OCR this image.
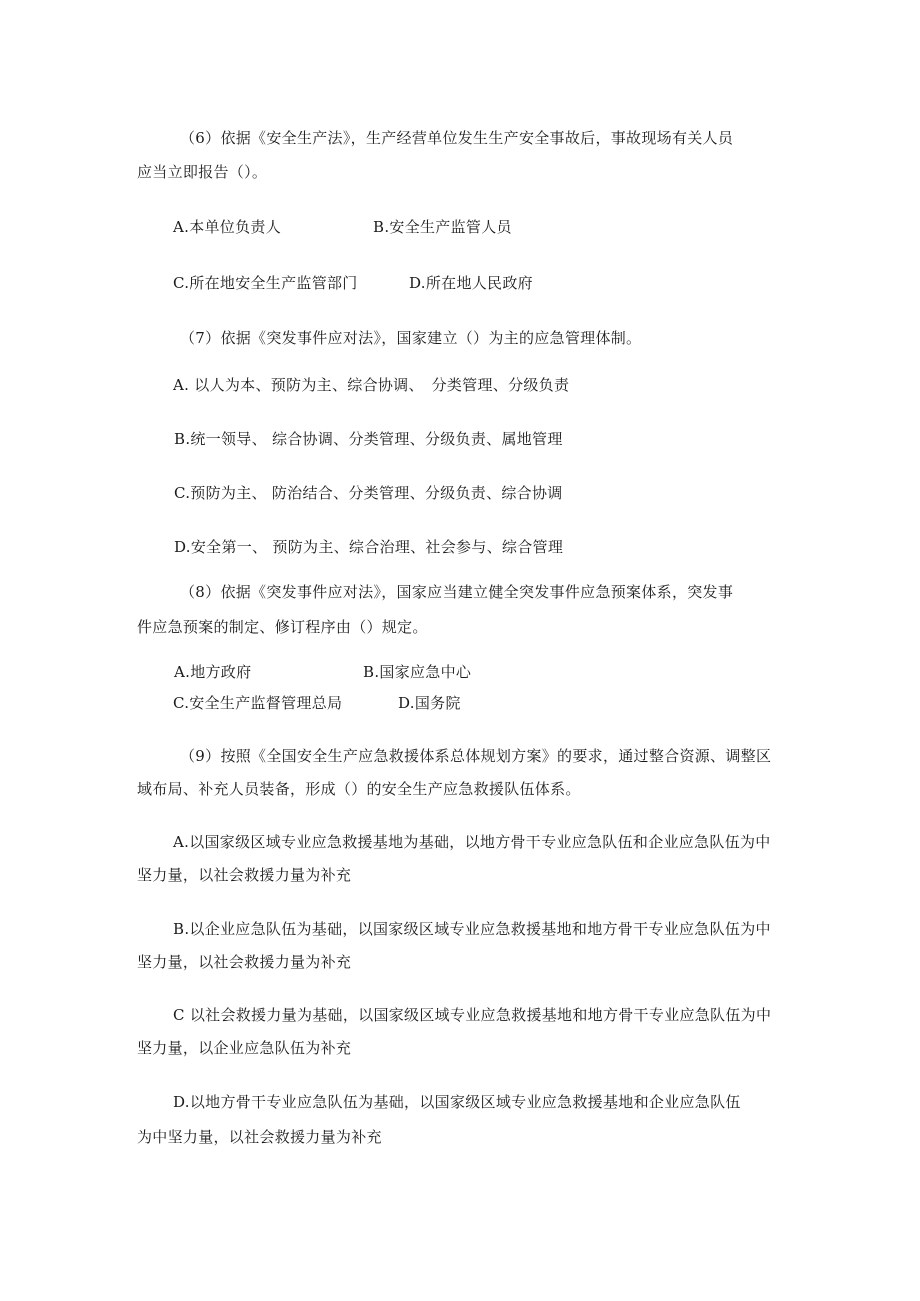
（6）依据《安全生产法》，生产经营单位发生生产安全事故后，事故现场有关人员
应当立即报告（）。
A.本单位负责人	B.安全生产监管人员
C.所在地安全生产监管部门	D.所在地人民政府
（7）依据《突发事件应对法》，国家建立（）为主的应急管理体制。
A. 以人为本、预防为主、综合协调、　分类管理、分级负责
B.统一领导、 综合协调、分类管理、分级负责、属地管理
C.预防为主、 防治结合、分类管理、分级负责、综合协调
D.安全第一、 预防为主、综合治理、社会参与、综合管理
（8）依据《突发事件应对法》，国家应当建立健全突发事件应急预案体系，突发事
件应急预案的制定、修订程序由（）规定。
A.地方政府	B.国家应急中心
C.安全生产监督管理总局	D.国务院
（9）按照《全国安全生产应急救援体系总体规划方案》的要求，通过整合资源、调整区
域布局、补充人员装备，形成（）的安全生产应急救援队伍体系。
A.以国家级区域专业应急救援基地为基础，以地方骨干专业应急队伍和企业应急队伍为中
坚力量，以社会救援力量为补充
B.以企业应急队伍为基础，以国家级区域专业应急救援基地和地方骨干专业应急队伍为中
坚力量，以社会救援力量为补充
C 以社会救援力量为基础，以国家级区域专业应急救援基地和地方骨干专业应急队伍为中
坚力量，以企业应急队伍为补充
D.以地方骨干专业应急队伍为基础，以国家级区域专业应急救援基地和企业应急队伍
为中坚力量，以社会救援力量为补充
